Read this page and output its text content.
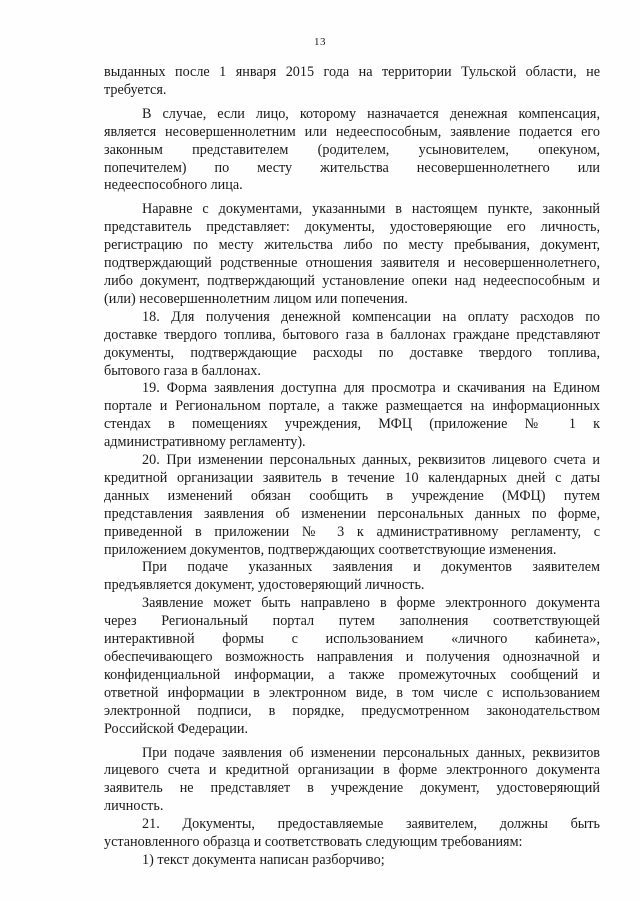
13
выданных после 1 января 2015 года на территории Тульской области, не
требуется.
В случае, если лицо, которому назначается денежная компенсация,
является несовершеннолетним или недееспособным, заявление подается его
законным представителем (родителем, усыновителем, опекуном,
попечителем) по месту жительства несовершеннолетнего или
недееспособного лица.
Наравне с документами, указанными в настоящем пункте, законный
представитель представляет: документы, удостоверяющие его личность,
регистрацию по месту жительства либо по месту пребывания, документ,
подтверждающий родственные отношения заявителя и несовершеннолетнего,
либо документ, подтверждающий установление опеки над недееспособным и
(или) несовершеннолетним лицом или попечения.
18. Для получения денежной компенсации на оплату расходов по
доставке твердого топлива, бытового газа в баллонах граждане представляют
документы, подтверждающие расходы по доставке твердого топлива,
бытового газа в баллонах.
19. Форма заявления доступна для просмотра и скачивания на Едином
портале и Региональном портале, а также размещается на информационных
стендах в помещениях учреждения, МФЦ (приложение № 1 к
административному регламенту).
20. При изменении персональных данных, реквизитов лицевого счета и
кредитной организации заявитель в течение 10 календарных дней с даты
данных изменений обязан сообщить в учреждение (МФЦ) путем
представления заявления об изменении персональных данных по форме,
приведенной в приложении № 3 к административному регламенту, с
приложением документов, подтверждающих соответствующие изменения.
При подаче указанных заявления и документов заявителем
предъявляется документ, удостоверяющий личность.
Заявление может быть направлено в форме электронного документа
через Региональный портал путем заполнения соответствующей
интерактивной формы с использованием «личного кабинета»,
обеспечивающего возможность направления и получения однозначной и
конфиденциальной информации, а также промежуточных сообщений и
ответной информации в электронном виде, в том числе с использованием
электронной подписи, в порядке, предусмотренном законодательством
Российской Федерации.
При подаче заявления об изменении персональных данных, реквизитов
лицевого счета и кредитной организации в форме электронного документа
заявитель не представляет в учреждение документ, удостоверяющий
личность.
21. Документы, предоставляемые заявителем, должны быть
установленного образца и соответствовать следующим требованиям:
1) текст документа написан разборчиво;
